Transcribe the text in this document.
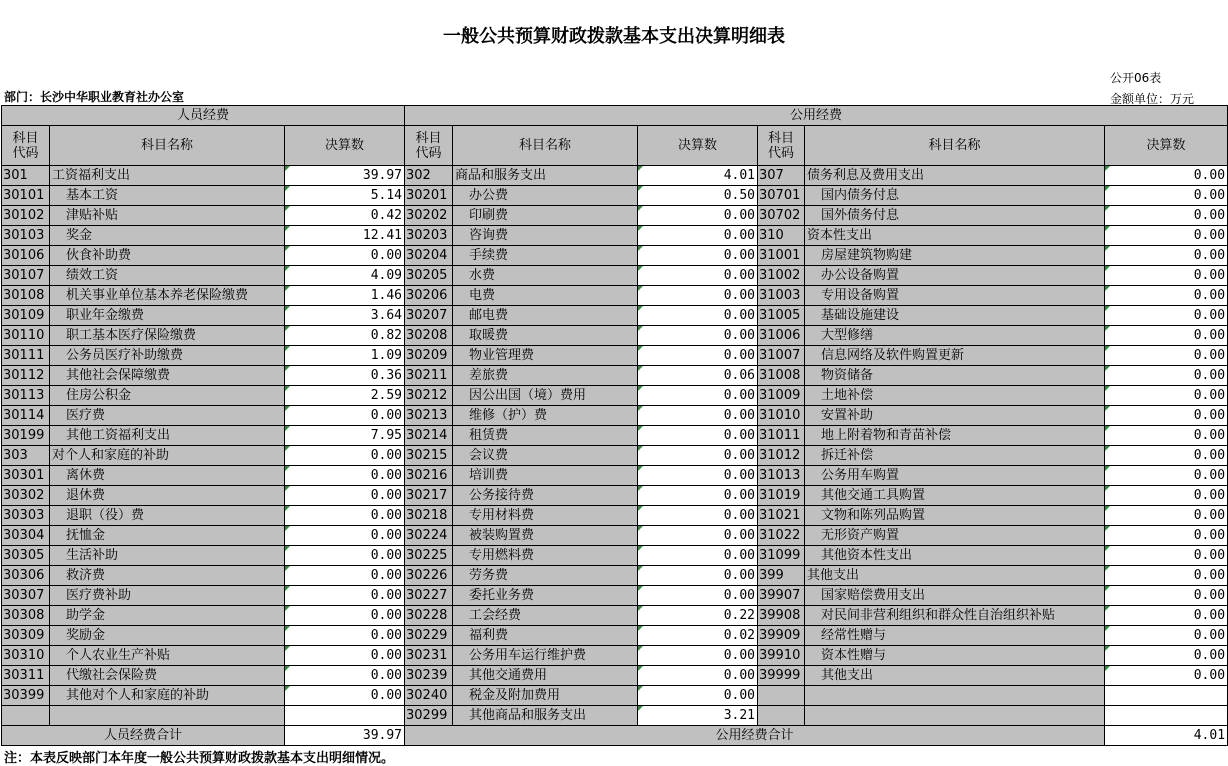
一般公共预算财政拨款基本支出决算明细表
公开06表
部门：长沙中华职业教育社办公室	金额单位：万元
人员经费			公用经费					
科目
代码	科目名称	决算数	科目
代码	科目名称	决算数	科目
代码	科目名称	决算数
301	工资福利支出	39.97	302	商品和服务支出	4.01	307	债务利息及费用支出	0.00
30101	基本工资	5.14	30201	办公费	0.50	30701	国内债务付息	0.00
30102	津贴补贴	0.42	30202	印刷费	0.00	30702	国外债务付息	0.00
30103	奖金	12.41	30203	咨询费	0.00	310	资本性支出	0.00
30106	伙食补助费	0.00	30204	手续费	0.00	31001	房屋建筑物购建	0.00
30107	绩效工资	4.09	30205	水费	0.00	31002	办公设备购置	0.00
30108	机关事业单位基本养老保险缴费	1.46	30206	电费	0.00	31003	专用设备购置	0.00
30109	职业年金缴费	3.64	30207	邮电费	0.00	31005	基础设施建设	0.00
30110	职工基本医疗保险缴费	0.82	30208	取暖费	0.00	31006	大型修缮	0.00
30111	公务员医疗补助缴费	1.09	30209	物业管理费	0.00	31007	信息网络及软件购置更新	0.00
30112	其他社会保障缴费	0.36	30211	差旅费	0.06	31008	物资储备	0.00
30113	住房公积金	2.59	30212	因公出国（境）费用	0.00	31009	土地补偿	0.00
30114	医疗费	0.00	30213	维修（护）费	0.00	31010	安置补助	0.00
30199	其他工资福利支出	7.95	30214	租赁费	0.00	31011	地上附着物和青苗补偿	0.00
303	对个人和家庭的补助	0.00	30215	会议费	0.00	31012	拆迁补偿	0.00
30301	离休费	0.00	30216	培训费	0.00	31013	公务用车购置	0.00
30302	退休费	0.00	30217	公务接待费	0.00	31019	其他交通工具购置	0.00
30303	退职（役）费	0.00	30218	专用材料费	0.00	31021	文物和陈列品购置	0.00
30304	抚恤金	0.00	30224	被装购置费	0.00	31022	无形资产购置	0.00
30305	生活补助	0.00	30225	专用燃料费	0.00	31099	其他资本性支出	0.00
30306	救济费	0.00	30226	劳务费	0.00	399	其他支出	0.00
30307	医疗费补助	0.00	30227	委托业务费	0.00	39907	国家赔偿费用支出	0.00
30308	助学金	0.00	30228	工会经费	0.22	39908	对民间非营利组织和群众性自治组织补贴	0.00
30309	奖励金	0.00	30229	福利费	0.02	39909	经常性赠与	0.00
30310	个人农业生产补贴	0.00	30231	公务用车运行维护费	0.00	39910	资本性赠与	0.00
30311	代缴社会保险费	0.00	30239	其他交通费用	0.00	39999	其他支出	0.00
30399	其他对个人和家庭的补助	0.00	30240	税金及附加费用	0.00			
			30299	其他商品和服务支出	3.21			
人员经费合计		39.97	公用经费合计					4.01
注：本表反映部门本年度一般公共预算财政拨款基本支出明细情况。
